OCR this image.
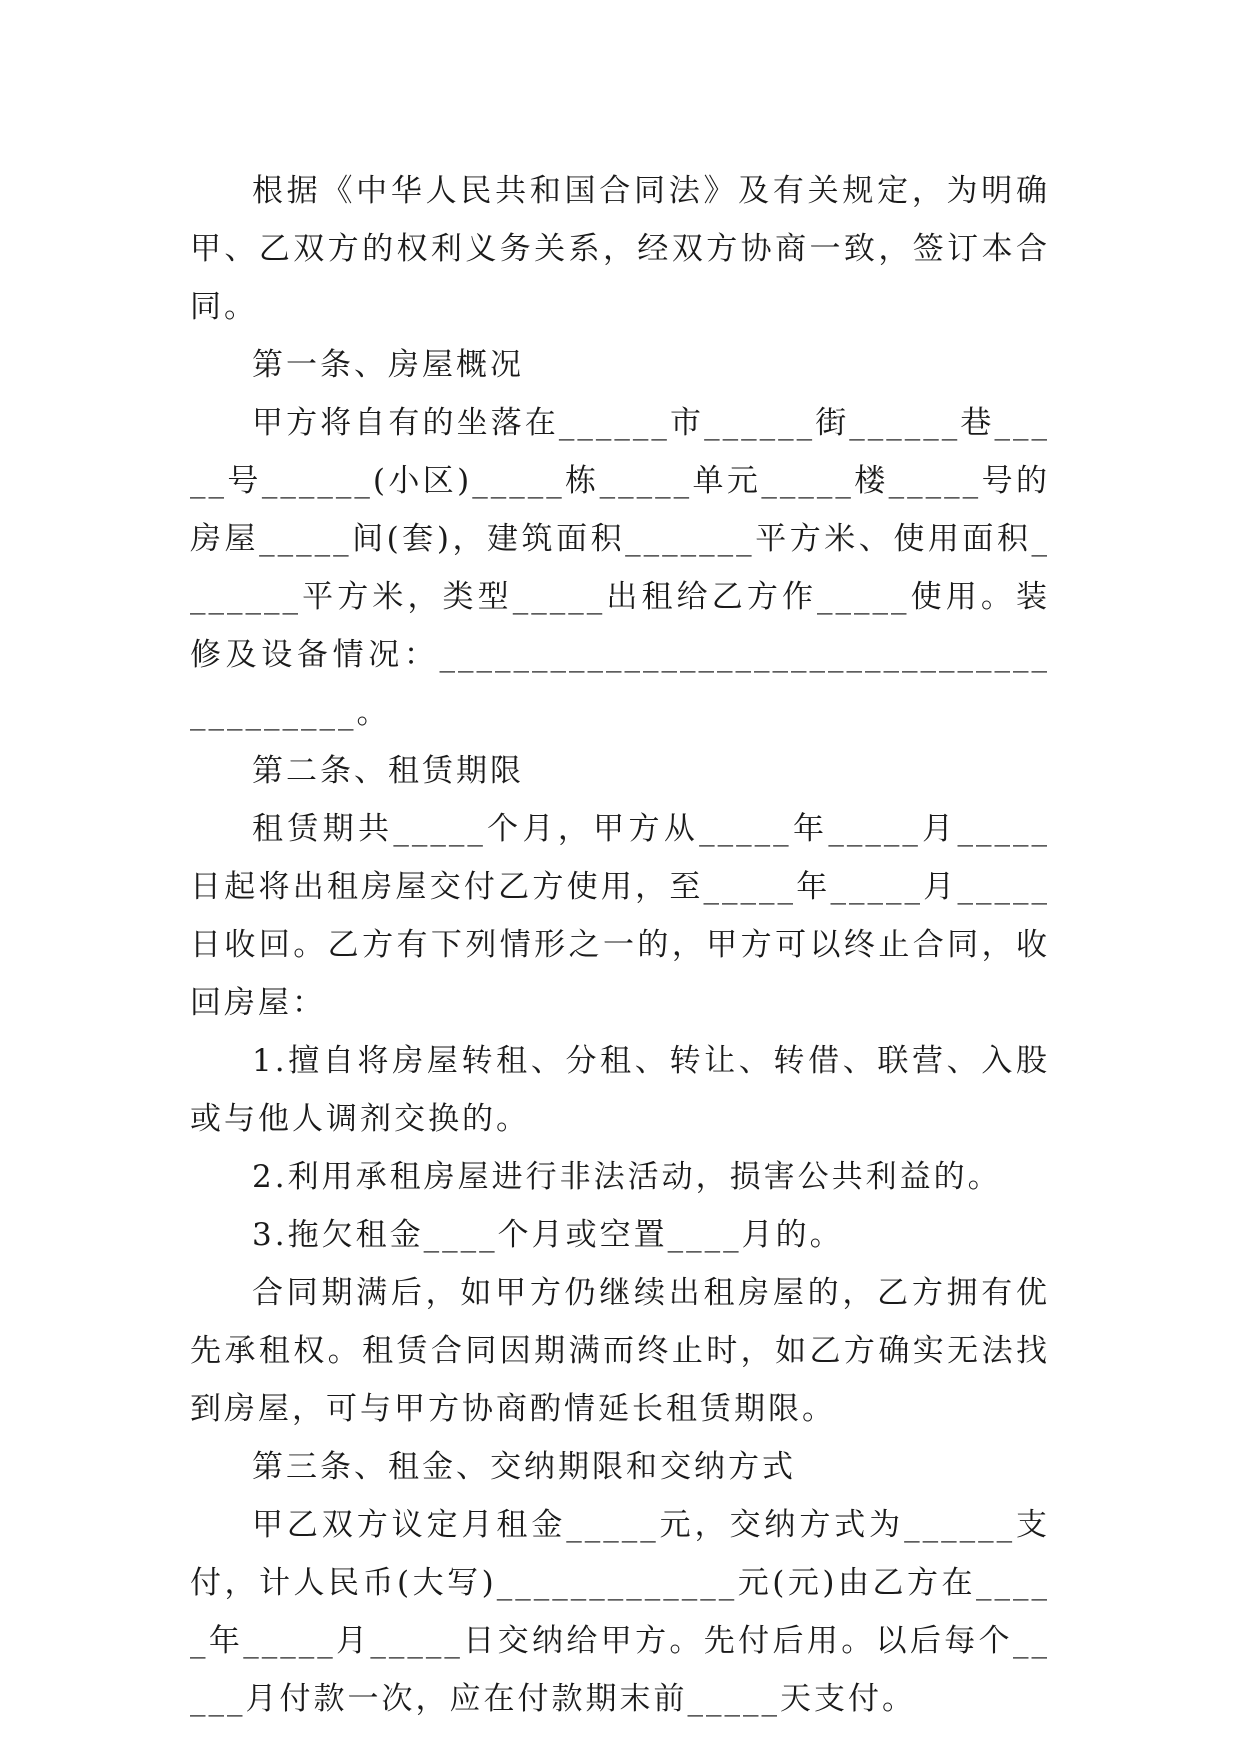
根据《中华人民共和国合同法》及有关规定，为明确甲、乙双方的权利义务关系，经双方协商一致，签订本合同。

第一条、房屋概况

甲方将自有的坐落在______市______街______巷_____号______(小区)_____栋_____单元_____楼_____号的房屋_____间(套)，建筑面积_______平方米、使用面积_______平方米，类型_____出租给乙方作_____使用。装修及设备情况：__________________________________________。

第二条、租赁期限

租赁期共_____个月，甲方从_____年_____月_____日起将出租房屋交付乙方使用，至_____年_____月_____日收回。乙方有下列情形之一的，甲方可以终止合同，收回房屋：

1.擅自将房屋转租、分租、转让、转借、联营、入股或与他人调剂交换的。

2.利用承租房屋进行非法活动，损害公共利益的。

3.拖欠租金____个月或空置____月的。

合同期满后，如甲方仍继续出租房屋的，乙方拥有优先承租权。租赁合同因期满而终止时，如乙方确实无法找到房屋，可与甲方协商酌情延长租赁期限。

第三条、租金、交纳期限和交纳方式

甲乙双方议定月租金_____元，交纳方式为______支付，计人民币(大写)_____________元(元)由乙方在_____年_____月_____日交纳给甲方。先付后用。以后每个_____月付款一次，应在付款期末前_____天支付。
